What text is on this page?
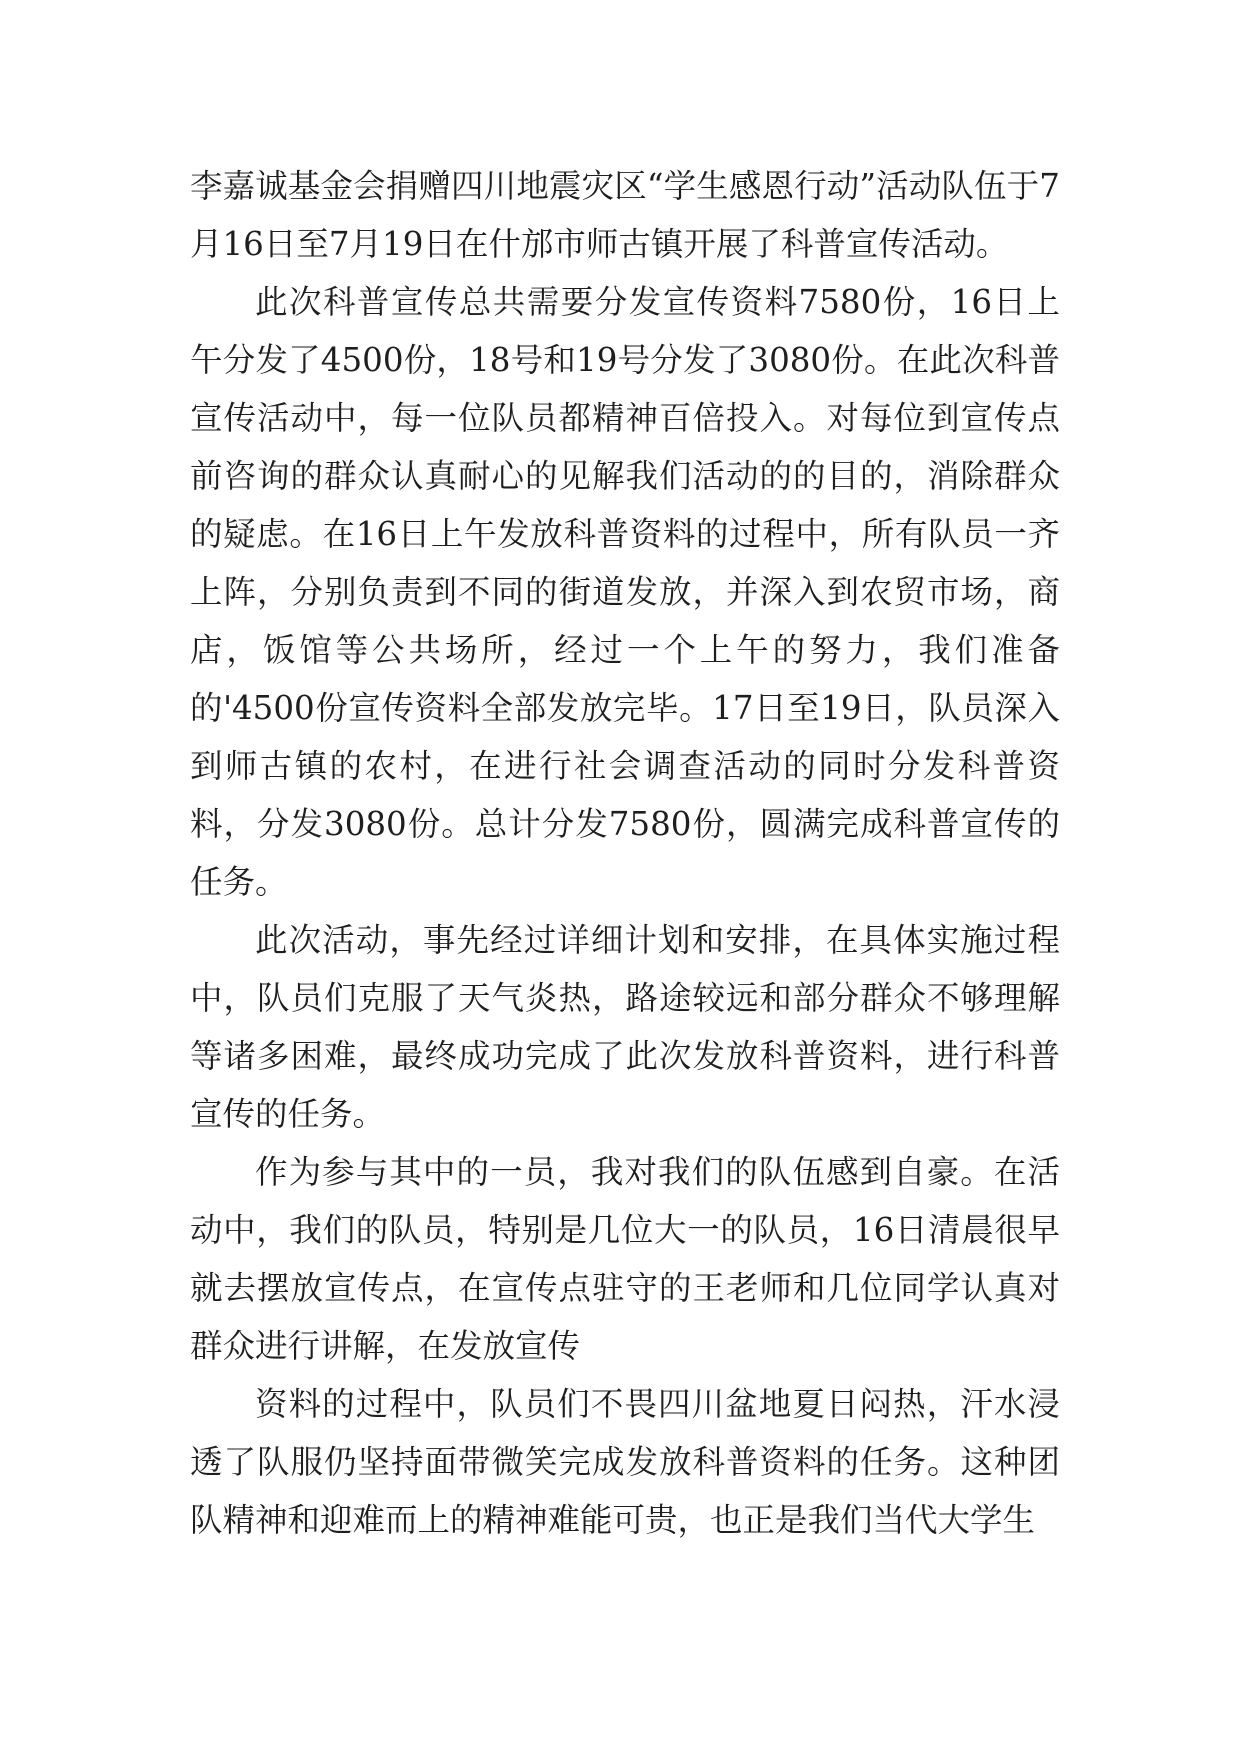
李嘉诚基金会捐赠四川地震灾区“学生感恩行动”活动队伍于7月16日至7月19日在什邡市师古镇开展了科普宣传活动。

此次科普宣传总共需要分发宣传资料7580份，16日上午分发了4500份，18号和19号分发了3080份。在此次科普宣传活动中，每一位队员都精神百倍投入。对每位到宣传点前咨询的群众认真耐心的见解我们活动的的目的，消除群众的疑虑。在16日上午发放科普资料的过程中，所有队员一齐上阵，分别负责到不同的街道发放，并深入到农贸市场，商店，饭馆等公共场所，经过一个上午的努力，我们准备的'4500份宣传资料全部发放完毕。17日至19日，队员深入到师古镇的农村，在进行社会调查活动的同时分发科普资料，分发3080份。总计分发7580份，圆满完成科普宣传的任务。

此次活动，事先经过详细计划和安排，在具体实施过程中，队员们克服了天气炎热，路途较远和部分群众不够理解等诸多困难，最终成功完成了此次发放科普资料，进行科普宣传的任务。

作为参与其中的一员，我对我们的队伍感到自豪。在活动中，我们的队员，特别是几位大一的队员，16日清晨很早就去摆放宣传点，在宣传点驻守的王老师和几位同学认真对群众进行讲解，在发放宣传

资料的过程中，队员们不畏四川盆地夏日闷热，汗水浸透了队服仍坚持面带微笑完成发放科普资料的任务。这种团队精神和迎难而上的精神难能可贵，也正是我们当代大学生
